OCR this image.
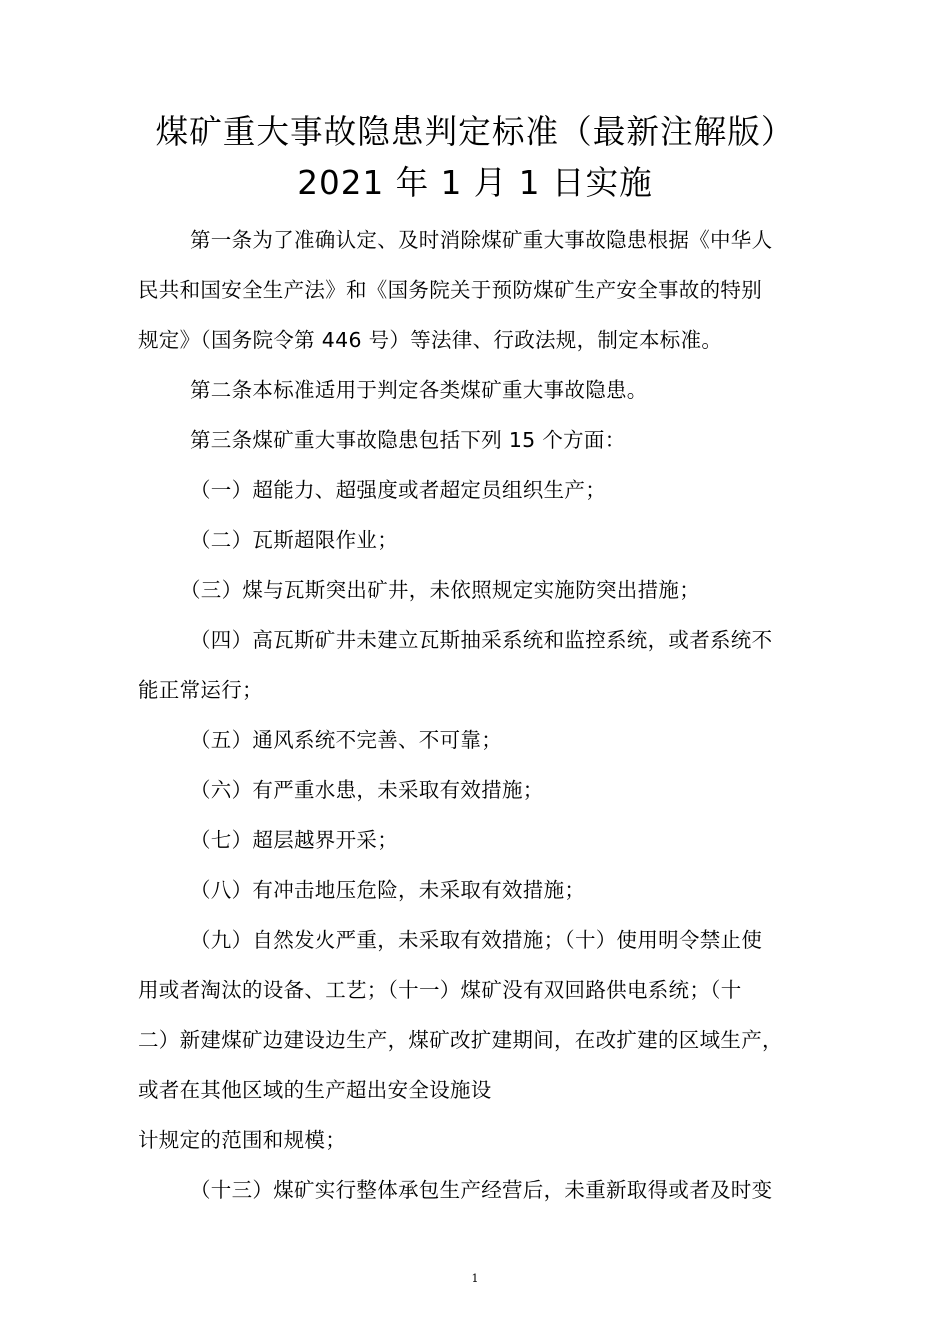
煤矿重大事故隐患判定标准（最新注解版）
2021 年 1 月 1 日实施
第一条为了准确认定、及时消除煤矿重大事故隐患根据《中华人
民共和国安全生产法》和《国务院关于预防煤矿生产安全事故的特别
规定》（国务院令第 446 号）等法律、行政法规，制定本标准。
第二条本标准适用于判定各类煤矿重大事故隐患。
第三条煤矿重大事故隐患包括下列 15 个方面：
（一）超能力、超强度或者超定员组织生产；
（二）瓦斯超限作业；
（三）煤与瓦斯突出矿井，未依照规定实施防突出措施；
（四）高瓦斯矿井未建立瓦斯抽采系统和监控系统，或者系统不
能正常运行；
（五）通风系统不完善、不可靠；
（六）有严重水患，未采取有效措施；
（七）超层越界开采；
（八）有冲击地压危险，未采取有效措施；
（九）自然发火严重，未采取有效措施；（十）使用明令禁止使
用或者淘汰的设备、工艺；（十一）煤矿没有双回路供电系统；（十
二）新建煤矿边建设边生产，煤矿改扩建期间，在改扩建的区域生产，
或者在其他区域的生产超出安全设施设
计规定的范围和规模；
（十三）煤矿实行整体承包生产经营后，未重新取得或者及时变
1
